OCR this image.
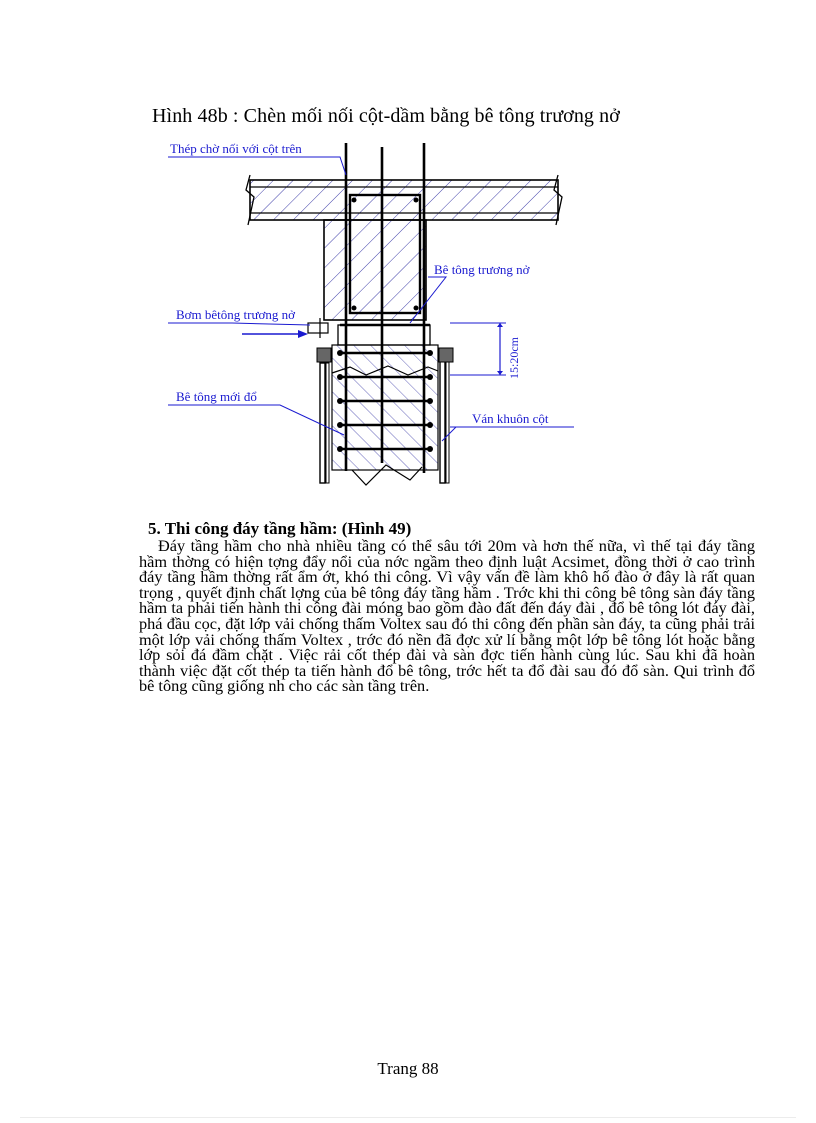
Hình 48b : Chèn mối nối cột-dầm bằng bê tông trương nở
Thép chờ nối với cột trên
Bê tông trương nở
Bơm bêtông trương nở
Bê tông mới đổ
Ván khuôn cột
15:20cm
5. Thi công đáy tầng hầm: (Hình 49)

Đáy tầng hầm cho nhà nhiều tầng có thể sâu tới 20m và hơn thế nữa, vì thế tại đáy tầng hầm thờng có hiện tợng đẩy nổi của nớc ngầm theo định luật Acsimet, đồng thời ở cao trình đáy tầng hầm thờng rất ẩm ớt, khó thi công. Vì vậy vấn đề làm khô hố đào ở đây là rất quan trọng , quyết định chất lợng của bê tông đáy tầng hầm . Trớc khi thi công bê tông sàn đáy tầng hầm ta phải tiến hành thi công đài móng bao gồm đào đất đến đáy đài , đổ bê tông lót đáy đài, phá đầu cọc, đặt lớp vải chống thấm Voltex sau đó thi công đến phần sàn đáy, ta cũng phải trải một lớp vải chống thấm Voltex , trớc đó nền đã đợc xử lí bằng một lớp bê tông lót hoặc bằng lớp sỏi đá đầm chặt . Việc rải cốt thép đài và sàn đợc tiến hành cùng lúc. Sau khi đã hoàn thành việc đặt cốt thép ta tiến hành đổ bê tông, trớc hết ta đổ đài sau đó đổ sàn. Qui trình đổ bê tông cũng giống nh cho các sàn tầng trên.

Trang 88
